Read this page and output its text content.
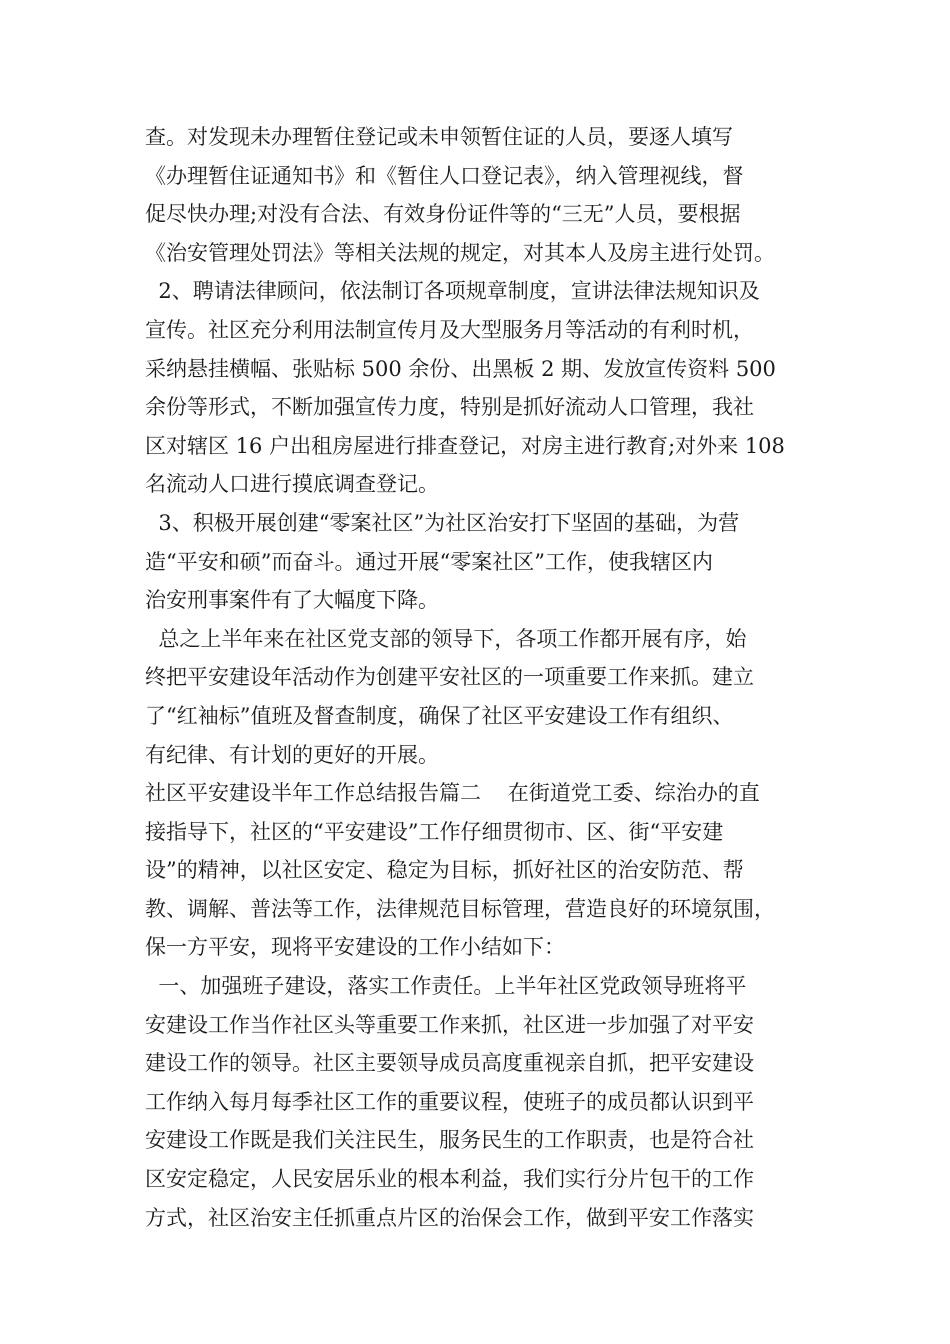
查。对发现未办理暂住登记或未申领暂住证的人员，要逐人填写
《办理暂住证通知书》和《暂住人口登记表》，纳入管理视线，督
促尽快办理;对没有合法、有效身份证件等的“三无”人员，要根据
《治安管理处罚法》等相关法规的规定，对其本人及房主进行处罚。
2、聘请法律顾问，依法制订各项规章制度，宣讲法律法规知识及
宣传。社区充分利用法制宣传月及大型服务月等活动的有利时机，
采纳悬挂横幅、张贴标 500 余份、出黑板 2 期、发放宣传资料 500
余份等形式，不断加强宣传力度，特别是抓好流动人口管理，我社
区对辖区 16 户出租房屋进行排查登记，对房主进行教育;对外来 108
名流动人口进行摸底调查登记。
3、积极开展创建“零案社区”为社区治安打下坚固的基础，为营
造“平安和硕”而奋斗。通过开展“零案社区”工作，使我辖区内
治安刑事案件有了大幅度下降。
总之上半年来在社区党支部的领导下，各项工作都开展有序，始
终把平安建设年活动作为创建平安社区的一项重要工作来抓。建立
了“红袖标”值班及督查制度，确保了社区平安建设工作有组织、
有纪律、有计划的更好的开展。
社区平安建设半年工作总结报告篇二    在街道党工委、综治办的直
接指导下，社区的“平安建设”工作仔细贯彻市、区、街“平安建
设”的精神，以社区安定、稳定为目标，抓好社区的治安防范、帮
教、调解、普法等工作，法律规范目标管理，营造良好的环境氛围，
保一方平安，现将平安建设的工作小结如下：
一、加强班子建设，落实工作责任。上半年社区党政领导班将平
安建设工作当作社区头等重要工作来抓，社区进一步加强了对平安
建设工作的领导。社区主要领导成员高度重视亲自抓，把平安建设
工作纳入每月每季社区工作的重要议程，使班子的成员都认识到平
安建设工作既是我们关注民生，服务民生的工作职责，也是符合社
区安定稳定，人民安居乐业的根本利益，我们实行分片包干的工作
方式，社区治安主任抓重点片区的治保会工作，做到平安工作落实
